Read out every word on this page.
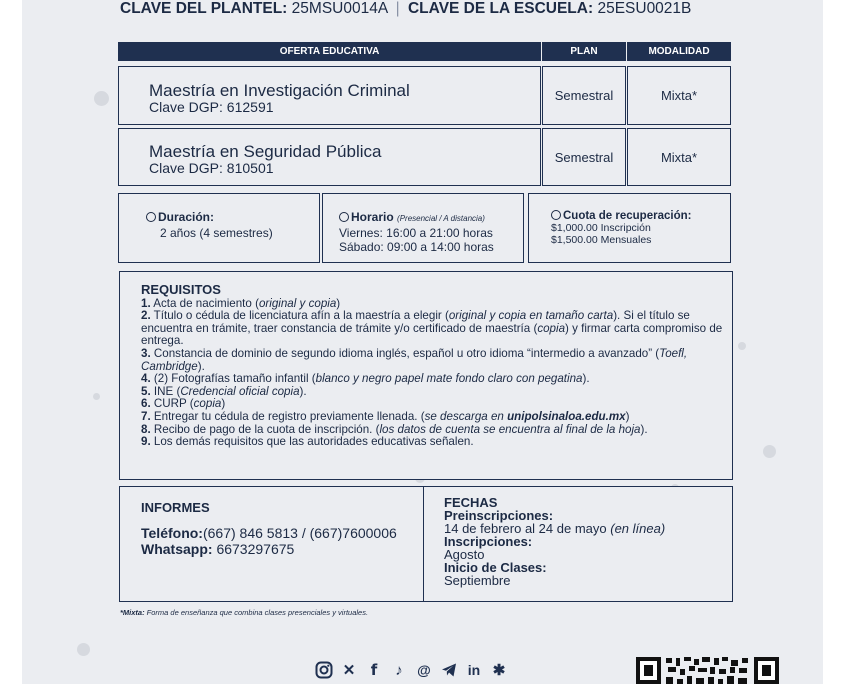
CLAVE DEL PLANTEL: 25MSU0014A | CLAVE DE LA ESCUELA: 25ESU0021B
OFERTA EDUCATIVA	PLAN	MODALIDAD
Maestría en Investigación Criminal
Clave DGP: 612591
Semestral	Mixta*
Maestría en Seguridad Pública
Clave DGP: 810501
Semestral	Mixta*
Duración:
2 años (4 semestres)
Horario (Presencial / A distancia)
Viernes: 16:00 a 21:00 horas
Sábado: 09:00 a 14:00 horas
Cuota de recuperación:
$1,000.00 Inscripción
$1,500.00 Mensuales
REQUISITOS

1. Acta de nacimiento (original y copia)

2. Título o cédula de licenciatura afín a la maestría a elegir (original y copia en tamaño carta). Si el título se encuentra en trámite, traer constancia de trámite y/o certificado de maestría (copia) y firmar carta compromiso de entrega.

3. Constancia de dominio de segundo idioma inglés, español u otro idioma “intermedio a avanzado” (Toefl, Cambridge).

4. (2) Fotografías tamaño infantil (blanco y negro papel mate fondo claro con pegatina).

5. INE (Credencial oficial copia).

6. CURP (copia)

7. Entregar tu cédula de registro previamente llenada. (se descarga en unipolsinaloa.edu.mx)

8. Recibo de pago de la cuota de inscripción. (los datos de cuenta se encuentra al final de la hoja).

9. Los demás requisitos que las autoridades educativas señalen.

INFORMES
Teléfono:(667) 846 5813 / (667)7600006
Whatsapp: 6673297675
FECHAS
Preinscripciones:
14 de febrero al 24 de mayo (en línea)
Inscripciones:
Agosto
Inicio de Clases:
Septiembre
*Mixta: Forma de enseñanza que combina clases presenciales y virtuales.
✕	f	♪	@	in ✱
